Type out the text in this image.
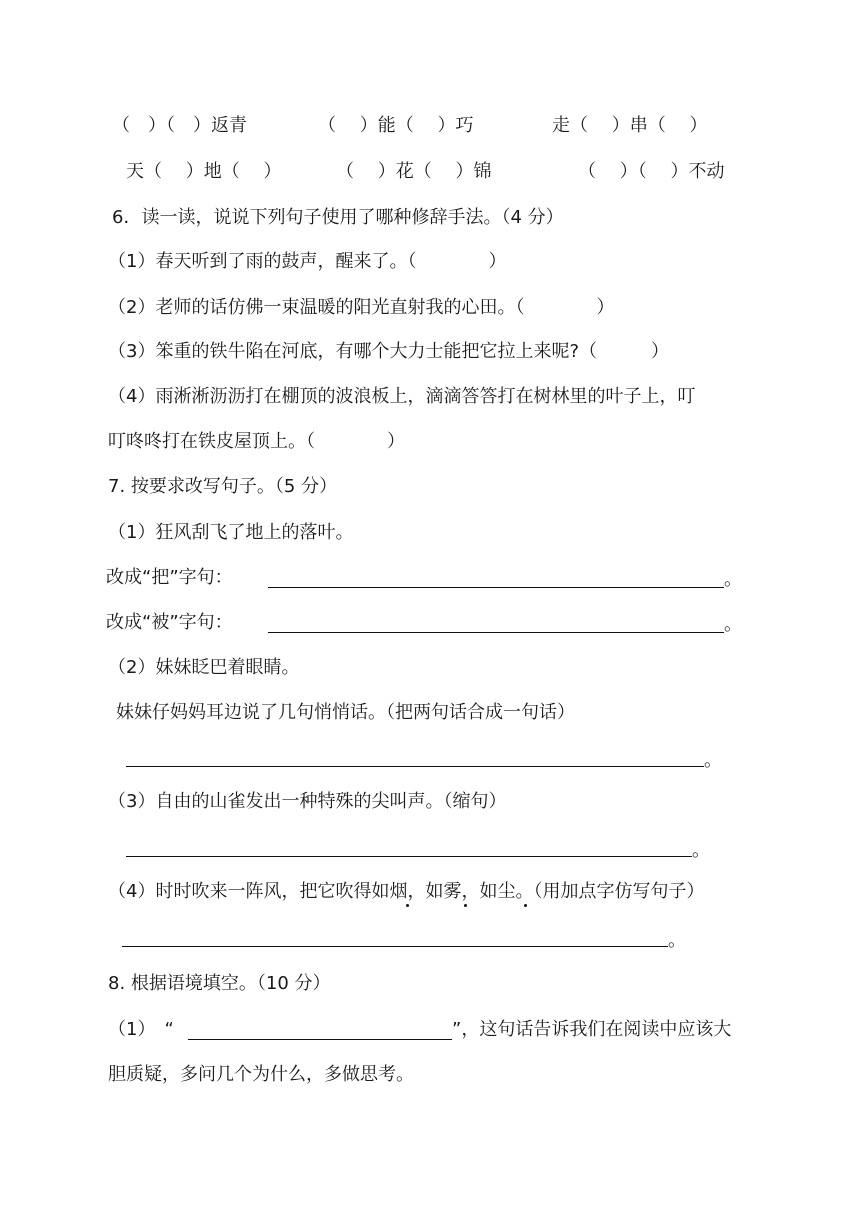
（　）（　）返青	（　 ）能（　 ）巧	走（　 ）串（　 ）
天（　 ）地（　 ）	（　 ）花（　 ）锦	（　 ）（　 ）不动
6．读一读，说说下列句子使用了哪种修辞手法。（4 分）
（1）春天听到了雨的鼓声，醒来了。（　　　　）
（2）老师的话仿佛一束温暖的阳光直射我的心田。（　　　　）
（3）笨重的铁牛陷在河底，有哪个大力士能把它拉上来呢?（　　　）
（4）雨淅淅沥沥打在棚顶的波浪板上，滴滴答答打在树林里的叶子上，叮
叮咚咚打在铁皮屋顶上。（　　　　）
7. 按要求改写句子。（5 分）
（1）狂风刮飞了地上的落叶。
改成“把”字句：	。
改成“被”字句：	。
（2）妹妹眨巴着眼睛。
妹妹仔妈妈耳边说了几句悄悄话。（把两句话合成一句话）
。
（3）自由的山雀发出一种特殊的尖叫声。（缩句）
。
（4）时时吹来一阵风，把它吹得如烟，如雾，如尘。（用加点字仿写句子）
。
8. 根据语境填空。（10 分）
（1）　“	”，这句话告诉我们在阅读中应该大
胆质疑，多问几个为什么，多做思考。
